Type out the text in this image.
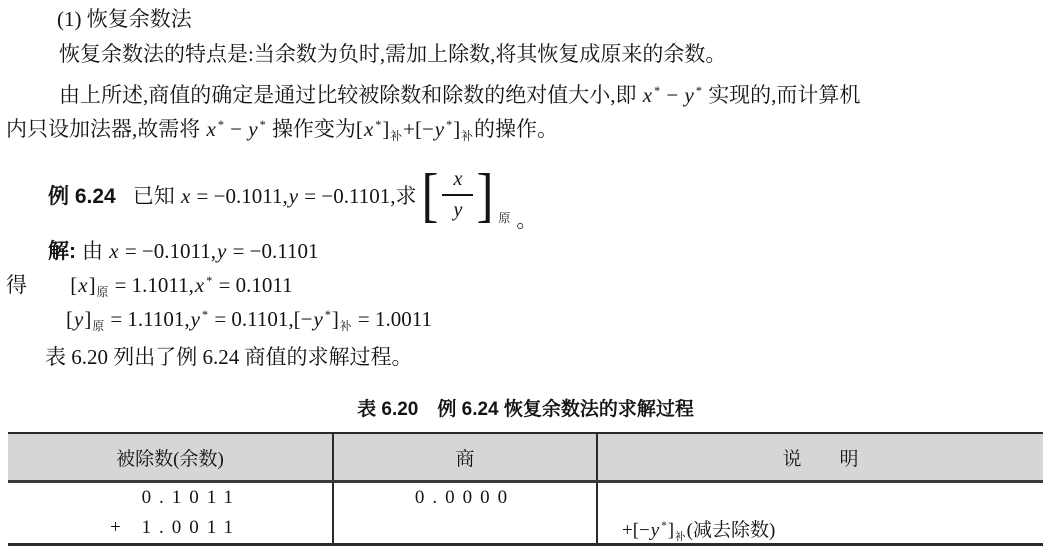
(1) 恢复余数法
恢复余数法的特点是:当余数为负时,需加上除数,将其恢复成原来的余数。
由上所述,商值的确定是通过比较被除数和除数的绝对值大小,即 x * − y * 实现的,而计算机
内只设加法器,故需将 x * − y * 操作变为[x $^*]_补+[-y$ $^*]_补$的操作。
例 6.24 已知 x = −0.1011,y = −0.1101,求 [ $\frac{x}{y}$ ] 原 。
解: 由 x = −0.1011,y = −0.1101
得 $[x]_原 = 1.1011,x$ * = 0.1011
$[y]_原 = 1.1101,y$ * = 0.1101,[−y $^*]_补 = 1.0011$
表 6.20 列出了例 6.24 商值的求解过程。
表 6.20　例 6.24 恢复余数法的求解过程
被除数(余数)	商	说　　明

0.1011	0.0000	

+ 1.0011		+[−y $^*]_补$(减去除数)
